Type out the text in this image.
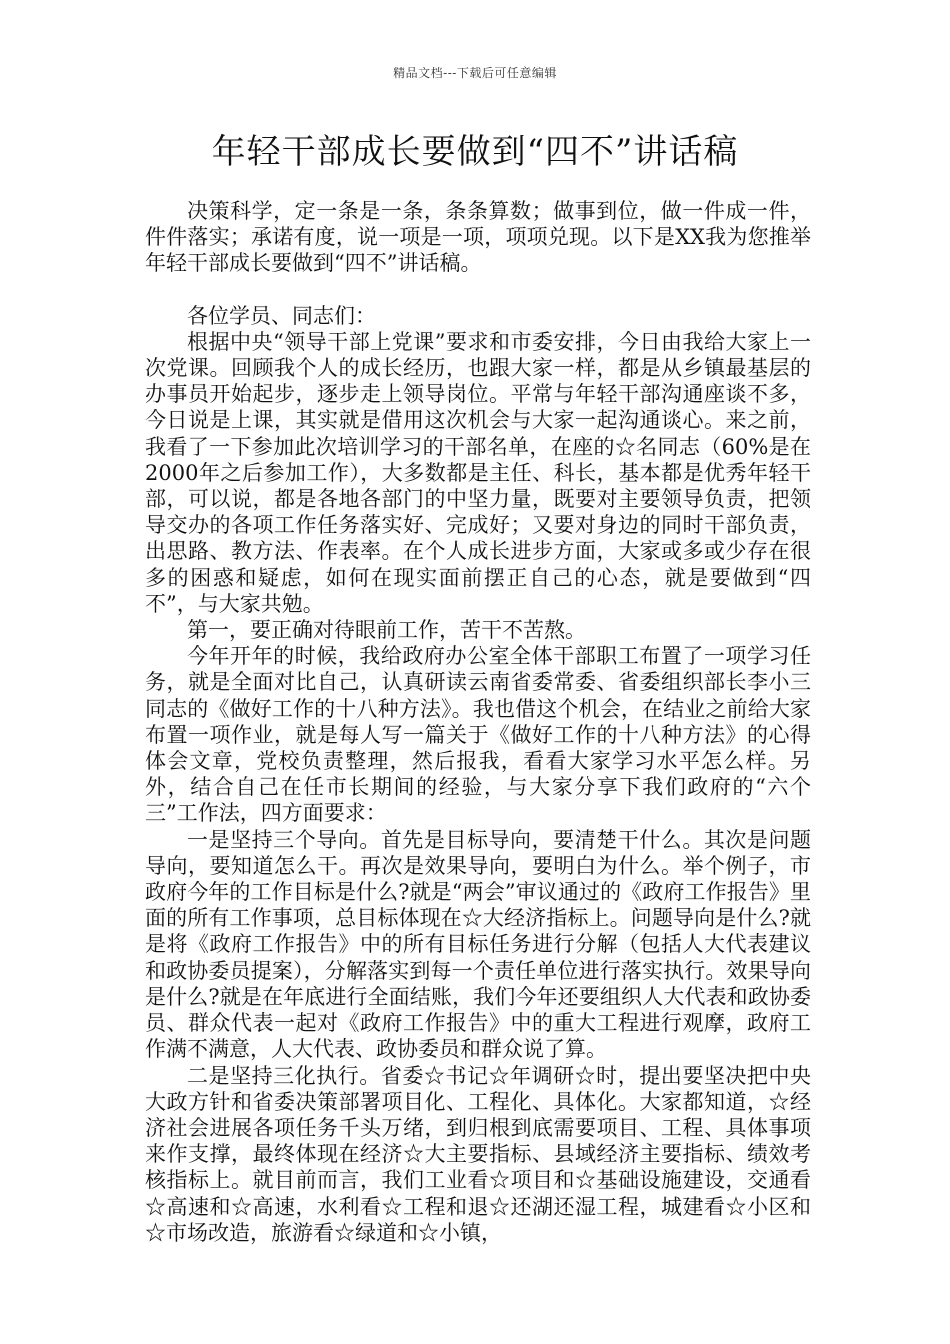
精品文档---下载后可任意编辑
年轻干部成长要做到“四不”讲话稿

决策科学，定一条是一条，条条算数；做事到位，做一件成一件，件件落实；承诺有度，说一项是一项，项项兑现。以下是XX我为您推举年轻干部成长要做到“四不”讲话稿。

各位学员、同志们：

根据中央“领导干部上党课”要求和市委安排，今日由我给大家上一次党课。回顾我个人的成长经历，也跟大家一样，都是从乡镇最基层的办事员开始起步，逐步走上领导岗位。平常与年轻干部沟通座谈不多，今日说是上课，其实就是借用这次机会与大家一起沟通谈心。来之前，我看了一下参加此次培训学习的干部名单，在座的☆名同志（60%是在2000年之后参加工作），大多数都是主任、科长，基本都是优秀年轻干部，可以说，都是各地各部门的中坚力量，既要对主要领导负责，把领导交办的各项工作任务落实好、完成好；又要对身边的同时干部负责，出思路、教方法、作表率。在个人成长进步方面，大家或多或少存在很多的困惑和疑虑，如何在现实面前摆正自己的心态，就是要做到“四不”，与大家共勉。

第一，要正确对待眼前工作，苦干不苦熬。

今年开年的时候，我给政府办公室全体干部职工布置了一项学习任务，就是全面对比自己，认真研读云南省委常委、省委组织部长李小三同志的《做好工作的十八种方法》。我也借这个机会，在结业之前给大家布置一项作业，就是每人写一篇关于《做好工作的十八种方法》的心得体会文章，党校负责整理，然后报我，看看大家学习水平怎么样。另外，结合自己在任市长期间的经验，与大家分享下我们政府的“六个三”工作法，四方面要求：

一是坚持三个导向。首先是目标导向，要清楚干什么。其次是问题导向，要知道怎么干。再次是效果导向，要明白为什么。举个例子，市政府今年的工作目标是什么?就是“两会”审议通过的《政府工作报告》里面的所有工作事项，总目标体现在☆大经济指标上。问题导向是什么?就是将《政府工作报告》中的所有目标任务进行分解（包括人大代表建议和政协委员提案），分解落实到每一个责任单位进行落实执行。效果导向是什么?就是在年底进行全面结账，我们今年还要组织人大代表和政协委员、群众代表一起对《政府工作报告》中的重大工程进行观摩，政府工作满不满意，人大代表、政协委员和群众说了算。

二是坚持三化执行。省委☆书记☆年调研☆时，提出要坚决把中央大政方针和省委决策部署项目化、工程化、具体化。大家都知道，☆经济社会进展各项任务千头万绪，到归根到底需要项目、工程、具体事项来作支撑，最终体现在经济☆大主要指标、县域经济主要指标、绩效考核指标上。就目前而言，我们工业看☆项目和☆基础设施建设，交通看☆高速和☆高速，水利看☆工程和退☆还湖还湿工程，城建看☆小区和☆市场改造，旅游看☆绿道和☆小镇，
